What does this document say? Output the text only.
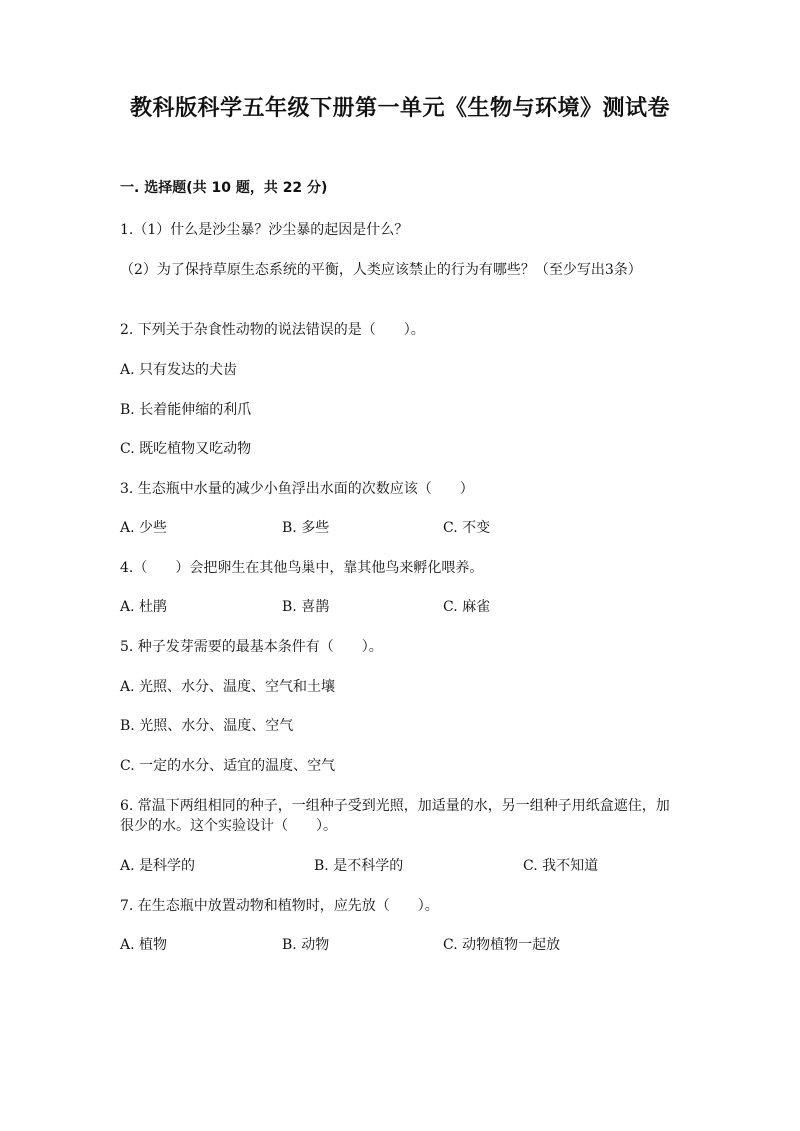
教科版科学五年级下册第一单元《生物与环境》测试卷
一. 选择题(共 10 题，共 22 分)
1.（1）什么是沙尘暴？沙尘暴的起因是什么？
（2）为了保持草原生态系统的平衡，人类应该禁止的行为有哪些？（至少写出3条）
2. 下列关于杂食性动物的说法错误的是（　　）。
A. 只有发达的犬齿
B. 长着能伸缩的利爪
C. 既吃植物又吃动物
3. 生态瓶中水量的减少小鱼浮出水面的次数应该（　　）
A. 少些	B. 多些	C. 不变
4.（　　）会把卵生在其他鸟巢中，靠其他鸟来孵化喂养。
A. 杜鹃	B. 喜鹊	C. 麻雀
5. 种子发芽需要的最基本条件有（　　）。
A. 光照、水分、温度、空气和土壤
B. 光照、水分、温度、空气
C. 一定的水分、适宜的温度、空气
6. 常温下两组相同的种子，一组种子受到光照，加适量的水，另一组种子用纸盒遮住，加很少的水。这个实验设计（　　）。
A. 是科学的	B. 是不科学的	C. 我不知道
7. 在生态瓶中放置动物和植物时，应先放（　　）。
A. 植物	B. 动物	C. 动物植物一起放
